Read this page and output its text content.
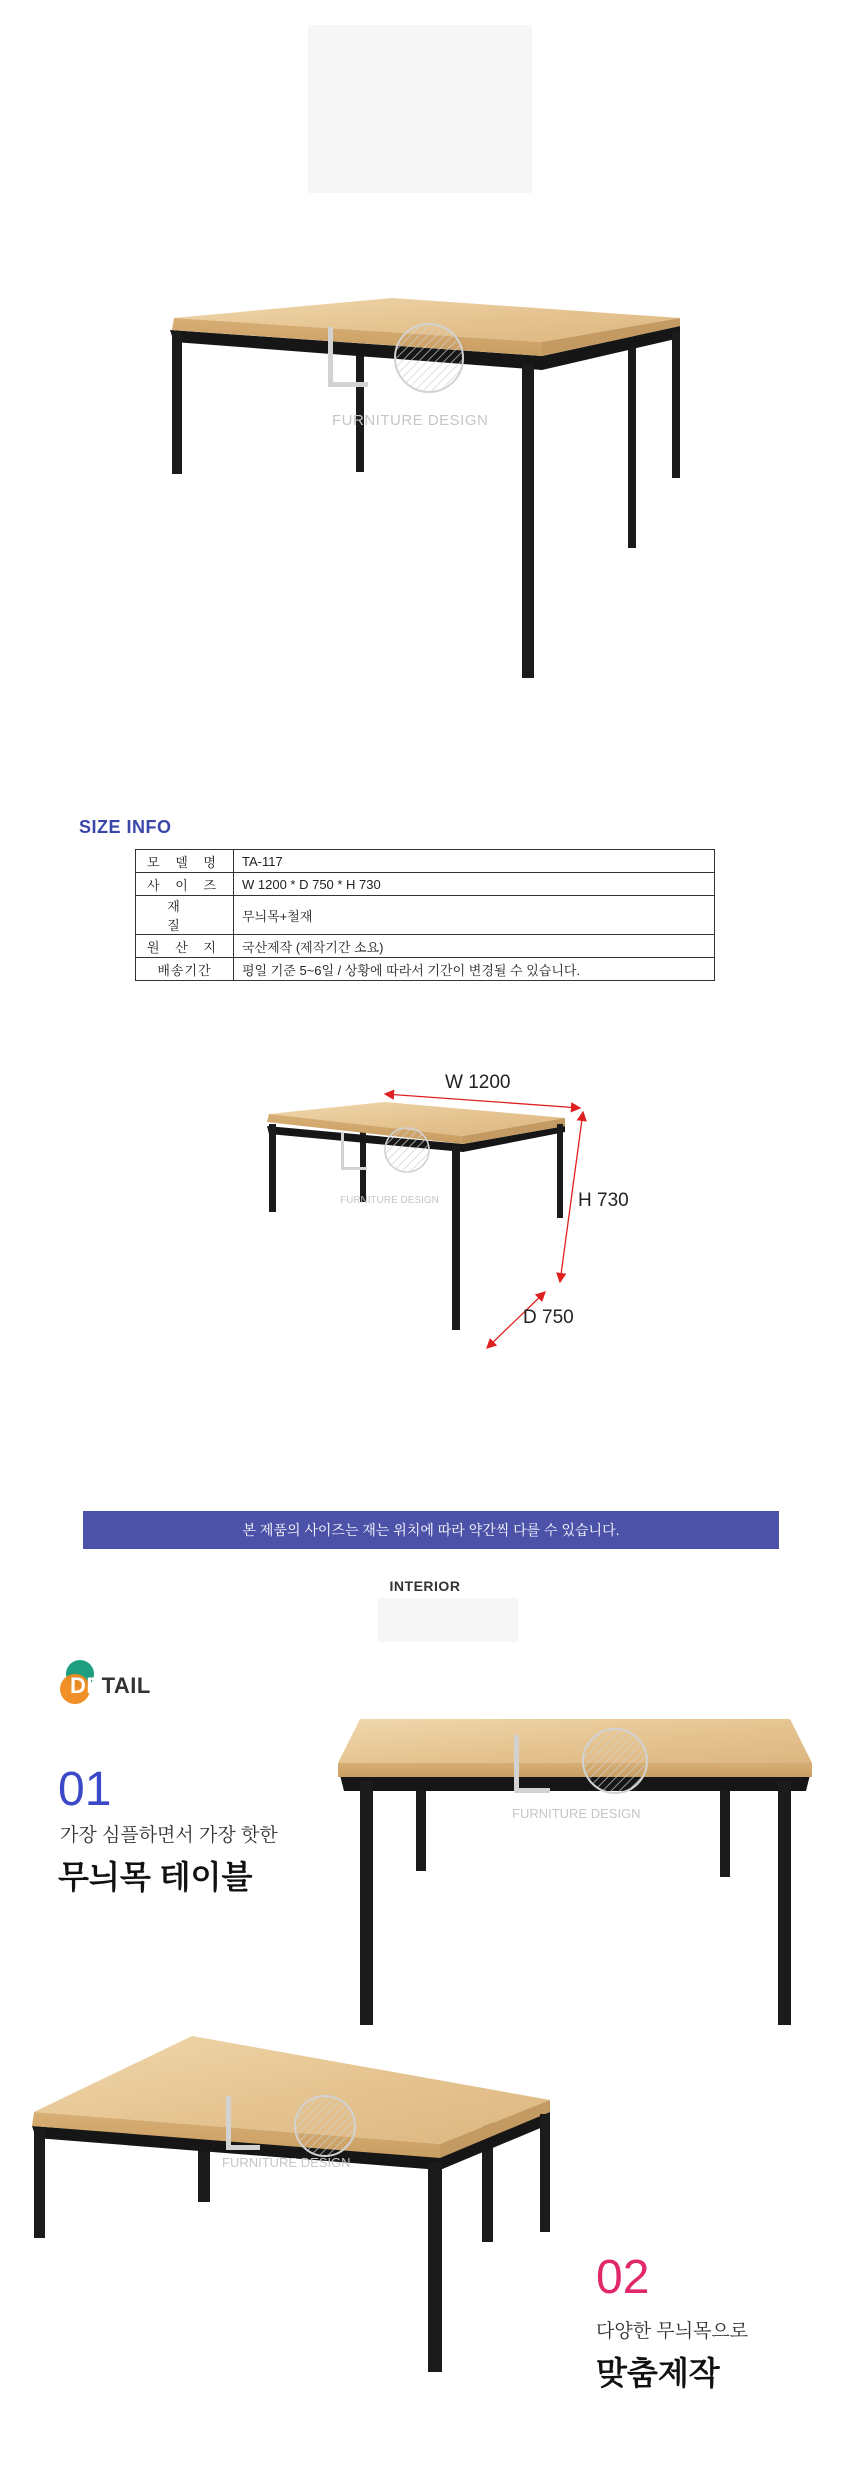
FURNITURE DESIGN
SIZE INFO
모 델 명	TA-117
사 이 즈	W 1200 * D 750 * H 730
재 질	무늬목+철재
원 산 지	국산제작 (제작기간 소요)
배송기간	평일 기준 5~6일 / 상황에 따라서 기간이 변경될 수 있습니다.
W 1200
H 730
D 750
FURNITURE DESIGN
본 제품의 사이즈는 재는 위치에 따라 약간씩 다를 수 있습니다.
INTERIOR
DETAIL
01
가장 심플하면서 가장 핫한
무늬목 테이블
FURNITURE DESIGN
FURNITURE DESIGN
02
다양한 무늬목으로
맞춤제작
